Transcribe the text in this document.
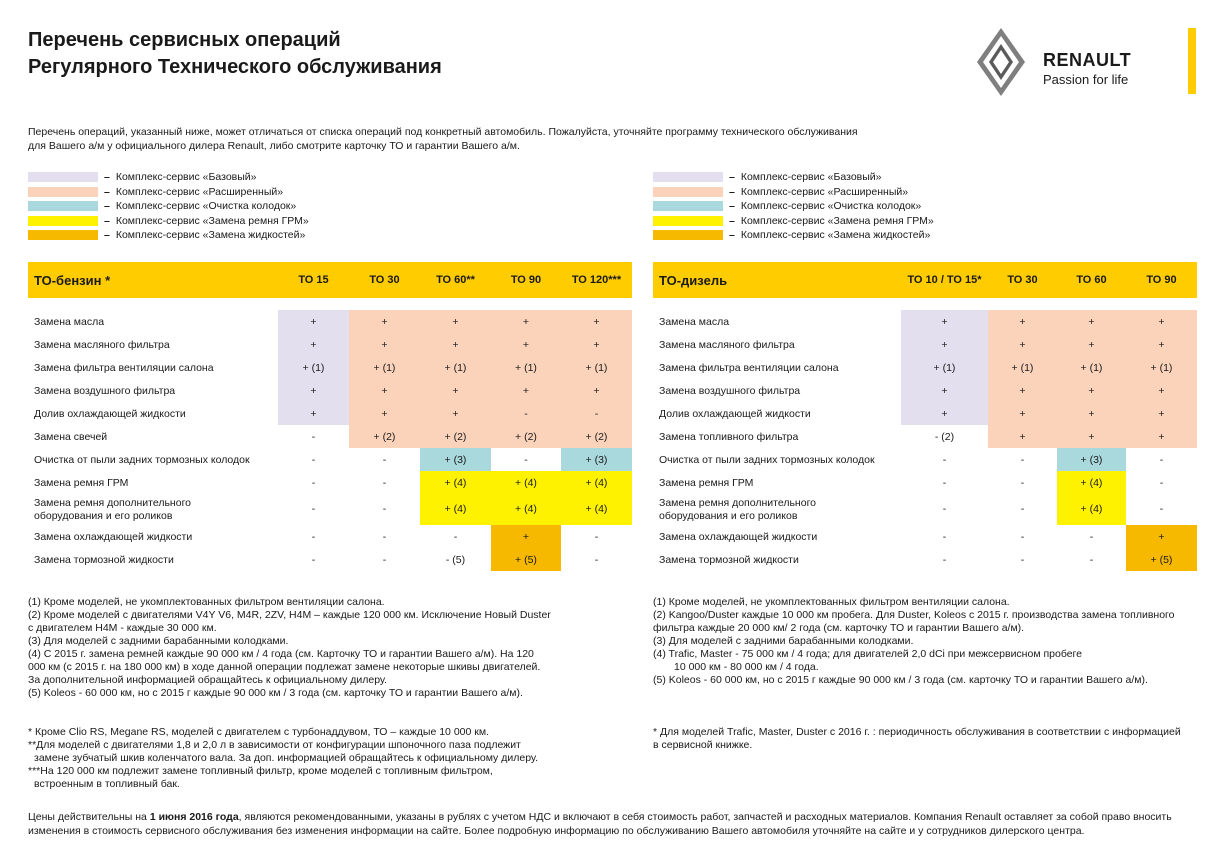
Перечень сервисных операций
Регулярного Технического обслуживания	RENAULT
Passion for life
Перечень операций, указанный ниже, может отличаться от списка операций под конкретный автомобиль. Пожалуйста, уточняйте программу технического обслуживания
для Вашего а/м у официального дилера Renault, либо смотрите карточку ТО и гарантии Вашего а/м.
– Комплекс-сервис «Базовый»
– Комплекс-сервис «Расширенный»
– Комплекс-сервис «Очистка колодок»
– Комплекс-сервис «Замена ремня ГРМ»
– Комплекс-сервис «Замена жидкостей»
– Комплекс-сервис «Базовый»
– Комплекс-сервис «Расширенный»
– Комплекс-сервис «Очистка колодок»
– Комплекс-сервис «Замена ремня ГРМ»
– Комплекс-сервис «Замена жидкостей»
ТО-бензин *	ТО 15	ТО 30	ТО 60**	ТО 90	ТО 120***

Замена масла	+	+	+	+	+
Замена масляного фильтра	+	+	+	+	+
Замена фильтра вентиляции салона	+ (1)	+ (1)	+ (1)	+ (1)	+ (1)
Замена воздушного фильтра	+	+	+	+	+
Долив охлаждающей жидкости	+	+	+	-	-
Замена свечей	-	+ (2)	+ (2)	+ (2)	+ (2)
Очистка от пыли задних тормозных колодок	-	-	+ (3)	-	+ (3)
Замена ремня ГРМ	-	-	+ (4)	+ (4)	+ (4)
Замена ремня дополнительного
оборудования и его роликов	-	-	+ (4)	+ (4)	+ (4)
Замена охлаждающей жидкости	-	-	-	+	-
Замена тормозной жидкости	-	-	- (5)	+ (5)	-
ТО-дизель	ТО 10 / ТО 15*	ТО 30	ТО 60	ТО 90

Замена масла	+	+	+	+
Замена масляного фильтра	+	+	+	+
Замена фильтра вентиляции салона	+ (1)	+ (1)	+ (1)	+ (1)
Замена воздушного фильтра	+	+	+	+
Долив охлаждающей жидкости	+	+	+	+
Замена топливного фильтра	- (2)	+	+	+
Очистка от пыли задних тормозных колодок	-	-	+ (3)	-
Замена ремня ГРМ	-	-	+ (4)	-
Замена ремня дополнительного
оборудования и его роликов	-	-	+ (4)	-
Замена охлаждающей жидкости	-	-	-	+
Замена тормозной жидкости	-	-	-	+ (5)
(1) Кроме моделей, не укомплектованных фильтром вентиляции салона.
(2) Кроме моделей с двигателями V4Y V6, M4R, 2ZV, H4M – каждые 120 000 км. Исключение Новый Duster
с двигателем H4M - каждые 30 000 км.
(3) Для моделей с задними барабанными колодками.
(4) С 2015 г. замена ремней каждые 90 000 км / 4 года (см. Карточку ТО и гарантии Вашего а/м). На 120
000 км (с 2015 г. на 180 000 км) в ходе данной операции подлежат замене некоторые шкивы двигателей.
За дополнительной информацией обращайтесь к официальному дилеру.
(5) Koleos - 60 000 км, но с 2015 г каждые 90 000 км / 3 года (см. карточку ТО и гарантии Вашего а/м).
(1) Кроме моделей, не укомплектованных фильтром вентиляции салона.
(2) Kangoo/Duster каждые 10 000 км пробега. Для Duster, Koleos с 2015 г. производства замена топливного
фильтра каждые 20 000 км/ 2 года (см. карточку ТО и гарантии Вашего а/м).
(3) Для моделей с задними барабанными колодками.
(4) Trafic, Master - 75 000 км / 4 года; для двигателей 2,0 dCi при межсервисном пробеге
10 000 км - 80 000 км / 4 года.
(5) Koleos - 60 000 км, но с 2015 г каждые 90 000 км / 3 года (см. карточку ТО и гарантии Вашего а/м).
* Кроме Clio RS, Megane RS, моделей с двигателем с турбонаддувом, ТО – каждые 10 000 км.
**Для моделей с двигателями 1,8 и 2,0 л в зависимости от конфигурации шпоночного паза подлежит
замене зубчатый шкив коленчатого вала. За доп. информацией обращайтесь к официальному дилеру.
***На 120 000 км подлежит замене топливный фильтр, кроме моделей с топливным фильтром,
встроенным в топливный бак.
* Для моделей Trafic, Master, Duster с 2016 г. : периодичность обслуживания в соответствии с информацией
в сервисной книжке.
Цены действительны на 1 июня 2016 года, являются рекомендованными, указаны в рублях с учетом НДС и включают в себя стоимость работ, запчастей и расходных материалов. Компания Renault оставляет за собой право вносить
изменения в стоимость сервисного обслуживания без изменения информации на сайте. Более подробную информацию по обслуживанию Вашего автомобиля уточняйте на сайте и у сотрудников дилерского центра.
